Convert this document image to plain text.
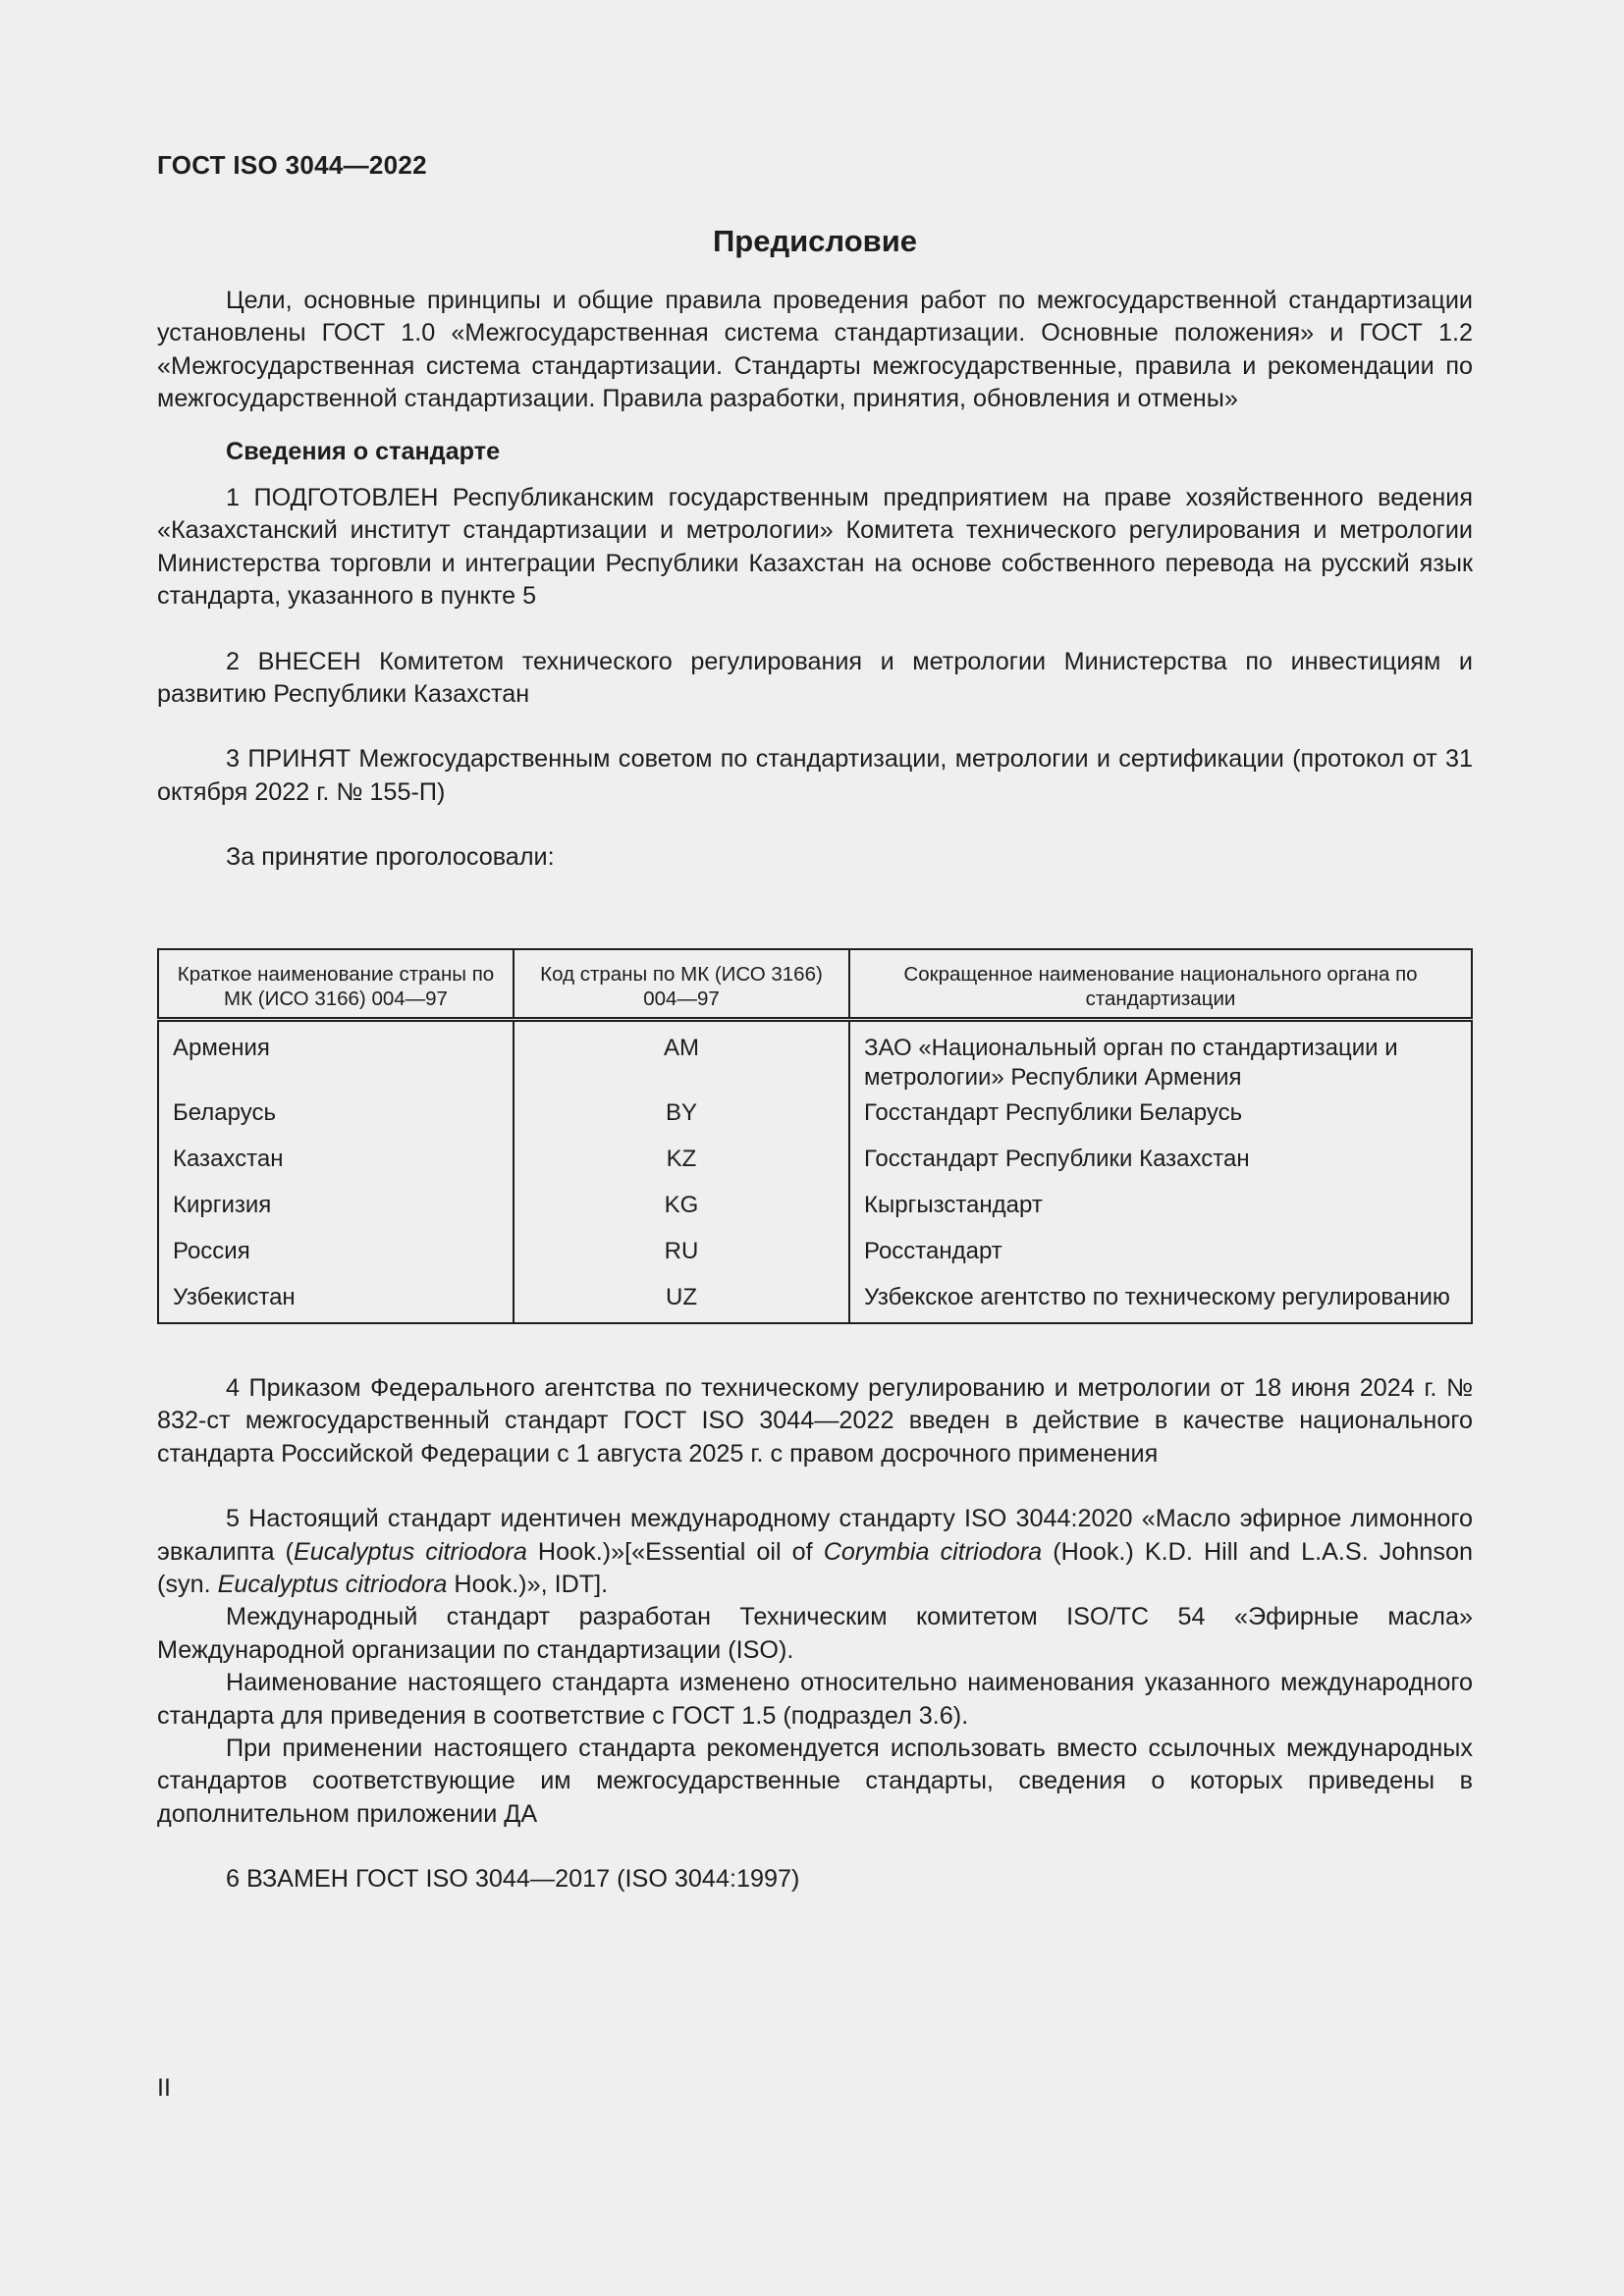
ГОСТ ISO 3044—2022
Предисловие

Цели, основные принципы и общие правила проведения работ по межгосударственной стандартизации установлены ГОСТ 1.0 «Межгосударственная система стандартизации. Основные положения» и ГОСТ 1.2 «Межгосударственная система стандартизации. Стандарты межгосударственные, правила и рекомендации по межгосударственной стандартизации. Правила разработки, принятия, обновления и отмены»

Сведения о стандарте

1 ПОДГОТОВЛЕН Республиканским государственным предприятием на праве хозяйственного ведения «Казахстанский институт стандартизации и метрологии» Комитета технического регулирования и метрологии Министерства торговли и интеграции Республики Казахстан на основе собственного перевода на русский язык стандарта, указанного в пункте 5

2 ВНЕСЕН Комитетом технического регулирования и метрологии Министерства по инвестициям и развитию Республики Казахстан

3 ПРИНЯТ Межгосударственным советом по стандартизации, метрологии и сертификации (протокол от 31 октября 2022 г. № 155-П)

За принятие проголосовали:

Краткое наименование страны по МК (ИСО 3166) 004—97	Код страны по МК (ИСО 3166) 004—97	Сокращенное наименование национального органа по стандартизации
Армения	AM	ЗАО «Национальный орган по стандартизации и метрологии» Республики Армения
Беларусь	BY	Госстандарт Республики Беларусь
Казахстан	KZ	Госстандарт Республики Казахстан
Киргизия	KG	Кыргызстандарт
Россия	RU	Росстандарт
Узбекистан	UZ	Узбекское агентство по техническому регулированию

4 Приказом Федерального агентства по техническому регулированию и метрологии от 18 июня 2024 г. № 832-ст межгосударственный стандарт ГОСТ ISO 3044—2022 введен в действие в качестве национального стандарта Российской Федерации с 1 августа 2025 г. с правом досрочного применения

5 Настоящий стандарт идентичен международному стандарту ISO 3044:2020 «Масло эфирное лимонного эвкалипта (Eucalyptus citriodora Hook.)»[«Essential oil of Corymbia citriodora (Hook.) K.D. Hill and L.A.S. Johnson (syn. Eucalyptus citriodora Hook.)», IDT].

Международный стандарт разработан Техническим комитетом ISO/TC 54 «Эфирные масла» Международной организации по стандартизации (ISO).

Наименование настоящего стандарта изменено относительно наименования указанного международного стандарта для приведения в соответствие с ГОСТ 1.5 (подраздел 3.6).

При применении настоящего стандарта рекомендуется использовать вместо ссылочных международных стандартов соответствующие им межгосударственные стандарты, сведения о которых приведены в дополнительном приложении ДА

6 ВЗАМЕН ГОСТ ISO 3044—2017 (ISO 3044:1997)

II
